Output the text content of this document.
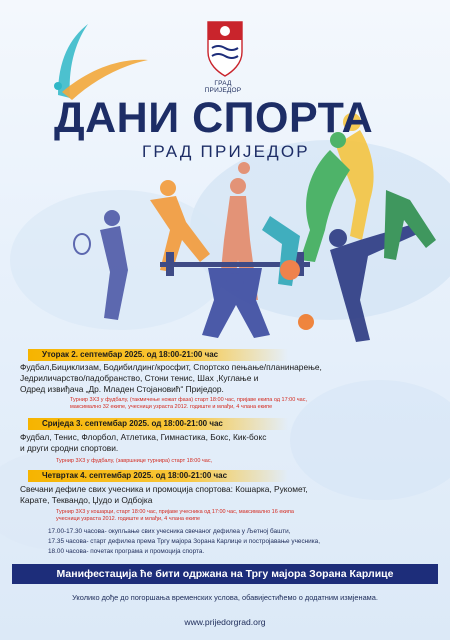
ГРАД ПРИЈЕДОР
ДАНИ СПОРТА
ГРАД ПРИЈЕДОР
Уторак 2. септембар 2025. од 18:00-21:00 час
Фудбал,Бициклизам, Бодибилдинг/кросфит, Спортско пењање/планинарење,
Једриличарство/падобранство, Стони тенис, Шах ,Куглање и
Одред извиђача „Др. Младен Стојановић“ Приједор.
Турнир 3Х3 у фудбалу, (такмичење ножат фаза) старт 18:00 час, пријаве екипа од 17:00 час,
максимално 32 екипе, учесници узраста 2012. годиште и млађи, 4 члана екипе
Сриједа 3. септембар 2025. од 18:00-21:00 час
Фудбал, Тенис, Флорбол, Атлетика, Гимнастика, Бокс, Кик-бокс
и други сродни спортови.
Турнир 3Х3 у фудбалу, (завршнице турнира) старт 18:00 час,
Четвртак 4. септембар 2025. од 18:00-21:00 час
Свечани дефиле свих учесника и промоција спортова: Кошарка, Рукомет,
Карате, Теквандо, Џудо и Одбојка
Турнир 3Х3 у кошарци, старт 18:00 час, пријаве учесника од 17:00 час, максимално 16 екипа
учесници узраста 2012. годиште и млађи, 4 члана екипе
17.00-17.30 часова- окупљање свих учесника свечаног дефилеа у Љетној башти,
17.35 часова- старт дефилеа према Тргу мајора Зорана Карлице и постројавање учесника,
18.00 часова- почетак програма и промоција спорта.
Манифестација ће бити одржана на Тргу мајора Зорана Карлице
Уколико дође до погоршања временских услова, обавијестићемо о додатним измјенама.
www.prijedorgrad.org
